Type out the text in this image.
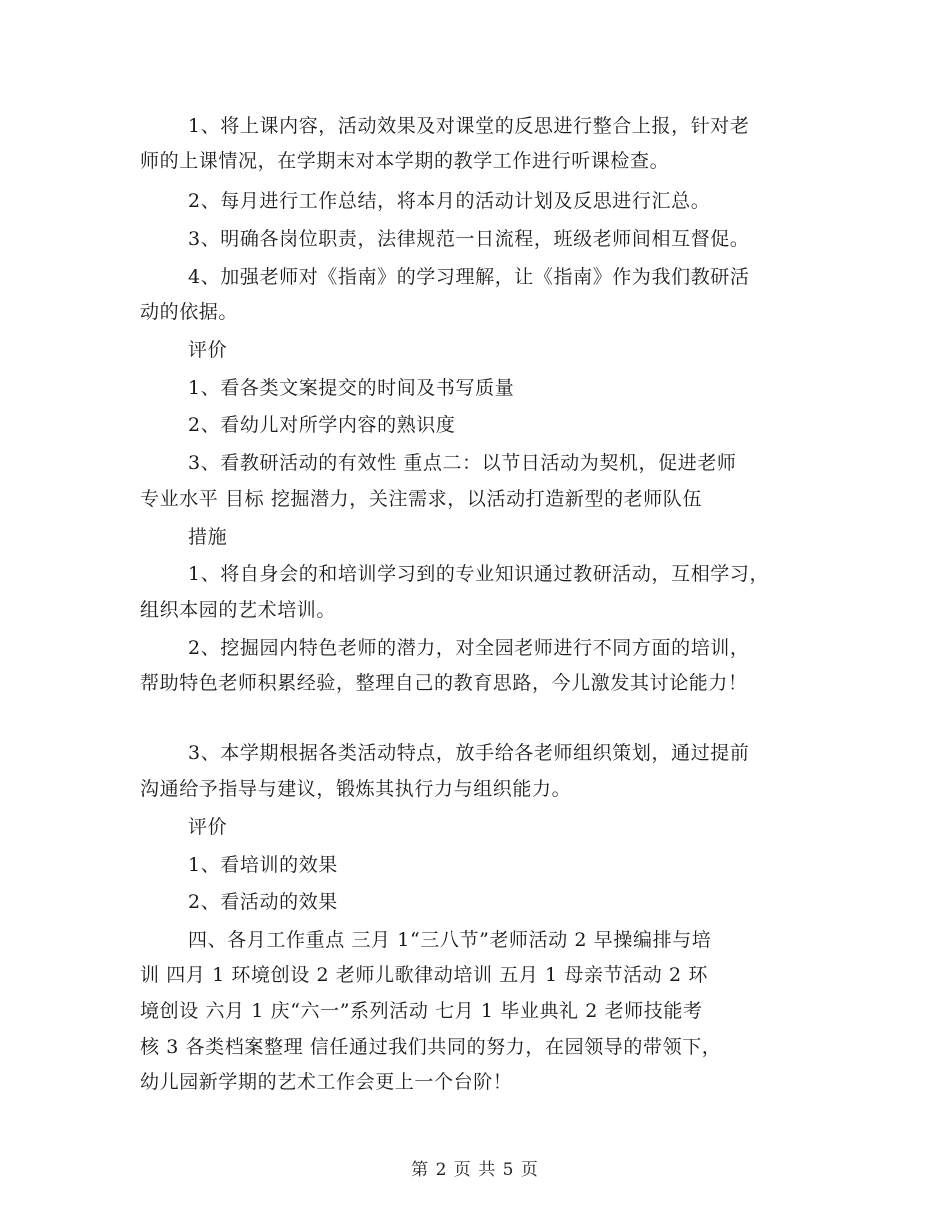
1、将上课内容，活动效果及对课堂的反思进行整合上报，针对老
师的上课情况，在学期末对本学期的教学工作进行听课检查。
2、每月进行工作总结，将本月的活动计划及反思进行汇总。
3、明确各岗位职责，法律规范一日流程，班级老师间相互督促。
4、加强老师对《指南》的学习理解，让《指南》作为我们教研活
动的依据。
评价
1、看各类文案提交的时间及书写质量
2、看幼儿对所学内容的熟识度
3、看教研活动的有效性 重点二：以节日活动为契机，促进老师
专业水平 目标 挖掘潜力，关注需求，以活动打造新型的老师队伍
措施
1、将自身会的和培训学习到的专业知识通过教研活动，互相学习，
组织本园的艺术培训。
2、挖掘园内特色老师的潜力，对全园老师进行不同方面的培训，
帮助特色老师积累经验，整理自己的教育思路，今儿激发其讨论能力！
3、本学期根据各类活动特点，放手给各老师组织策划，通过提前
沟通给予指导与建议，锻炼其执行力与组织能力。
评价
1、看培训的效果
2、看活动的效果
四、各月工作重点 三月 1“三八节”老师活动 2 早操编排与培
训 四月 1 环境创设 2 老师儿歌律动培训 五月 1 母亲节活动 2 环
境创设 六月 1 庆“六一”系列活动 七月 1 毕业典礼 2 老师技能考
核 3 各类档案整理 信任通过我们共同的努力，在园领导的带领下，
幼儿园新学期的艺术工作会更上一个台阶！
第 2 页 共 5 页
